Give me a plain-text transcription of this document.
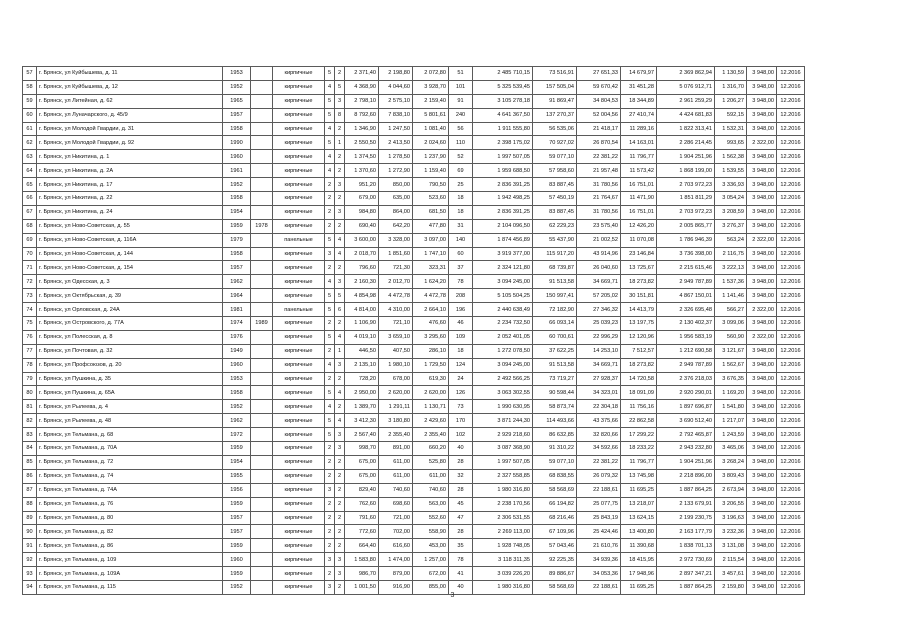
57	г. Брянск, ул Куйбышева, д. 11	1953		кирпичные	5	2	2 371,40	2 198,80	2 072,80	51	2 485 710,15	73 516,91	27 651,33	14 679,97	2 369 862,94	1 130,59	3 948,00	12.2016
58	г. Брянск, ул Куйбышева, д. 12	1952		кирпичные	4	5	4 368,90	4 044,60	3 928,70	101	5 325 539,45	157 505,04	59 670,42	31 451,28	5 076 912,71	1 316,70	3 948,00	12.2016
59	г. Брянск, ул Литейная, д. 62	1965		кирпичные	5	3	2 798,10	2 575,10	2 159,40	91	3 105 278,18	91 869,47	34 804,53	18 344,89	2 961 259,29	1 206,27	3 948,00	12.2016
60	г. Брянск, ул Луначарского, д. 45/9	1957		кирпичные	5	8	8 792,60	7 838,10	5 801,61	240	4 641 367,50	137 270,37	52 004,56	27 410,74	4 424 681,83	592,15	3 948,00	12.2016
61	г. Брянск, ул Молодой Гвардии, д. 31	1958		кирпичные	4	2	1 346,90	1 247,50	1 081,40	56	1 911 555,80	56 535,06	21 418,17	11 289,16	1 822 313,41	1 532,31	3 948,00	12.2016
62	г. Брянск, ул Молодой Гвардии, д. 92	1990		кирпичные	5	1	2 550,50	2 413,50	2 024,60	110	2 398 175,02	70 927,02	26 870,54	14 163,01	2 286 214,45	993,65	2 322,00	12.2016
63	г. Брянск, ул Никитина, д. 1	1960		кирпичные	4	2	1 374,50	1 278,50	1 237,90	52	1 997 507,05	59 077,10	22 381,22	11 796,77	1 904 251,96	1 562,38	3 948,00	12.2016
64	г. Брянск, ул Никитина, д. 2А	1961		кирпичные	4	2	1 370,60	1 272,90	1 159,40	69	1 959 688,50	57 958,60	21 957,48	11 573,42	1 868 199,00	1 539,55	3 948,00	12.2016
65	г. Брянск, ул Никитина, д. 17	1952		кирпичные	2	3	951,20	850,00	790,50	25	2 836 391,25	83 887,45	31 780,56	16 751,01	2 703 972,23	3 336,93	3 948,00	12.2016
66	г. Брянск, ул Никитина, д. 22	1958		кирпичные	2	2	679,00	635,00	523,60	18	1 942 498,25	57 450,19	21 764,67	11 471,90	1 851 811,29	3 054,24	3 948,00	12.2016
67	г. Брянск, ул Никитина, д. 24	1954		кирпичные	2	3	984,80	864,00	681,50	18	2 836 391,25	83 887,45	31 780,56	16 751,01	2 703 972,23	3 208,59	3 948,00	12.2016
68	г. Брянск, ул Ново-Советская, д. 55	1959	1978	кирпичные	2	2	690,40	642,20	477,80	31	2 104 096,50	62 229,23	23 575,40	12 426,20	2 005 865,77	3 276,37	3 948,00	12.2016
69	г. Брянск, ул Ново-Советская, д. 116А	1979		панельные	5	4	3 600,00	3 328,00	3 097,00	140	1 874 456,89	55 437,90	21 002,52	11 070,08	1 786 946,39	563,24	2 322,00	12.2016
70	г. Брянск, ул Ново-Советская, д. 144	1958		кирпичные	3	4	2 018,70	1 851,60	1 747,10	60	3 919 377,00	115 917,20	43 914,96	23 146,84	3 736 398,00	2 116,75	3 948,00	12.2016
71	г. Брянск, ул Ново-Советская, д. 154	1957		кирпичные	2	2	796,60	721,30	323,31	37	2 324 121,80	68 739,87	26 040,60	13 725,67	2 215 615,46	3 222,13	3 948,00	12.2016
72	г. Брянск, ул Одесская, д. 3	1962		кирпичные	4	3	2 160,30	2 012,70	1 624,20	78	3 094 245,00	91 513,58	34 669,71	18 273,82	2 949 787,89	1 537,36	3 948,00	12.2016
73	г. Брянск, ул Октябрьская, д. 39	1964		кирпичные	5	5	4 854,98	4 472,78	4 472,78	208	5 105 504,25	150 997,41	57 205,02	30 151,81	4 867 150,01	1 141,46	3 948,00	12.2016
74	г. Брянск, ул Орловская, д. 24А	1981		панельные	5	6	4 814,00	4 310,00	2 664,10	196	2 440 638,49	72 182,90	27 346,32	14 413,79	2 326 695,48	566,27	2 322,00	12.2016
75	г. Брянск, ул Островского, д. 77А	1974	1989	кирпичные	2	2	1 106,90	721,10	476,60	46	2 234 732,50	66 093,14	25 039,23	13 197,75	2 130 402,37	3 099,06	3 948,00	12.2016
76	г. Брянск, ул Полесская, д. 8	1976		кирпичные	5	4	4 019,10	3 659,10	3 295,60	109	2 052 401,05	60 700,61	22 996,29	12 120,96	1 956 583,19	560,90	2 322,00	12.2016
77	г. Брянск, ул Почтовая, д. 32	1949		кирпичные	2	1	446,50	407,50	286,10	18	1 272 078,50	37 622,25	14 253,10	7 512,57	1 212 690,58	3 121,67	3 948,00	12.2016
78	г. Брянск, ул Профсоюзов, д. 20	1960		кирпичные	4	3	2 135,10	1 980,10	1 729,50	124	3 094 245,00	91 513,58	34 669,71	18 273,82	2 949 787,89	1 562,67	3 948,00	12.2016
79	г. Брянск, ул Пушкина, д. 35	1953		кирпичные	2	2	728,20	678,00	619,30	24	2 492 566,25	73 719,27	27 928,37	14 720,58	2 376 218,03	3 676,35	3 948,00	12.2016
80	г. Брянск, ул Пушкина, д. 65А	1958		кирпичные	5	4	2 950,00	2 620,00	2 620,00	126	3 063 302,55	90 598,44	34 323,01	18 091,09	2 920 290,01	1 169,20	3 948,00	12.2016
81	г. Брянск, ул Рылеева, д. 4	1952		кирпичные	4	2	1 389,70	1 291,11	1 130,71	73	1 990 630,95	58 873,74	22 304,18	11 756,16	1 897 696,87	1 541,80	3 948,00	12.2016
82	г. Брянск, ул Рылеева, д. 48	1962		кирпичные	5	4	3 412,30	3 180,80	2 429,60	170	3 871 244,30	114 493,66	43 375,66	22 862,58	3 690 512,40	1 217,07	3 948,00	12.2016
83	г. Брянск, ул Тельмана, д. 68	1972		кирпичные	5	3	2 567,40	2 355,40	2 355,40	102	2 929 218,60	86 632,85	32 820,66	17 299,22	2 792 465,87	1 243,59	3 948,00	12.2016
84	г. Брянск, ул Тельмана, д. 70А	1959		кирпичные	2	3	998,70	891,00	660,20	40	3 087 368,90	91 310,22	34 592,66	18 233,22	2 943 232,80	3 465,06	3 948,00	12.2016
85	г. Брянск, ул Тельмана, д. 72	1954		кирпичные	2	2	675,00	611,00	525,80	28	1 997 507,05	59 077,10	22 381,22	11 796,77	1 904 251,96	3 268,24	3 948,00	12.2016
86	г. Брянск, ул Тельмана, д. 74	1955		кирпичные	2	2	675,00	611,00	611,00	32	2 327 558,85	68 838,55	26 079,32	13 745,98	2 218 896,00	3 809,43	3 948,00	12.2016
87	г. Брянск, ул Тельмана, д. 74А	1956		кирпичные	3	2	829,40	740,60	740,60	28	1 980 316,80	58 568,69	22 188,61	11 695,25	1 887 864,25	2 673,94	3 948,00	12.2016
88	г. Брянск, ул Тельмана, д. 76	1959		кирпичные	2	2	762,60	698,60	563,00	45	2 238 170,56	66 194,82	25 077,75	13 218,07	2 133 679,91	3 206,55	3 948,00	12.2016
89	г. Брянск, ул Тельмана, д. 80	1957		кирпичные	2	2	791,60	721,00	552,60	47	2 306 531,55	68 216,46	25 843,19	13 624,15	2 199 230,75	3 196,63	3 948,00	12.2016
90	г. Брянск, ул Тельмана, д. 82	1957		кирпичные	2	2	772,60	702,00	558,90	28	2 269 113,00	67 109,96	25 424,46	13 400,80	2 163 177,79	3 232,36	3 948,00	12.2016
91	г. Брянск, ул Тельмана, д. 86	1959		кирпичные	2	2	664,40	616,60	453,00	35	1 928 748,05	57 043,46	21 610,76	11 390,68	1 838 701,13	3 131,08	3 948,00	12.2016
92	г. Брянск, ул Тельмана, д. 109	1960		кирпичные	3	3	1 583,80	1 474,00	1 257,00	78	3 118 311,35	92 225,35	34 939,36	18 415,95	2 972 730,69	2 115,54	3 948,00	12.2016
93	г. Брянск, ул Тельмана, д. 109А	1959		кирпичные	2	3	986,70	879,00	672,00	41	3 039 226,20	89 886,67	34 053,36	17 948,96	2 897 347,21	3 457,61	3 948,00	12.2016
94	г. Брянск, ул Тельмана, д. 115	1952		кирпичные	3	2	1 001,50	916,90	855,00	40	1 980 316,80	58 568,69	22 188,61	11 695,25	1 887 864,25	2 159,80	3 948,00	12.2016
3
